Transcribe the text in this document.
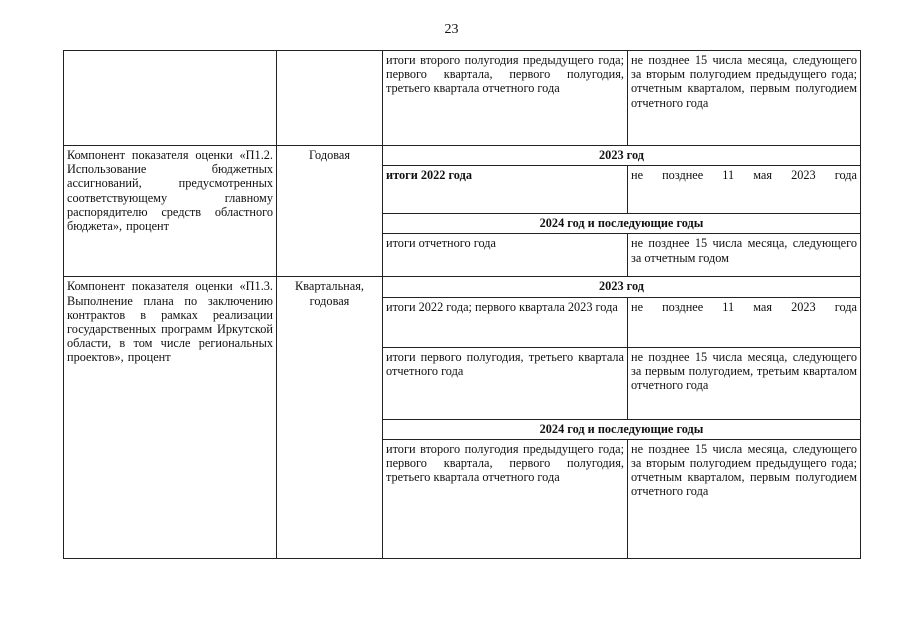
23
		итоги второго полугодия предыдущего года; первого квартала, первого полугодия, третьего квартала отчетного года	не позднее 15 числа месяца, следующего за вторым полугодием предыдущего года; отчетным кварталом, первым полугодием отчетного года
Компонент показателя оценки «П1.2. Использование бюджетных ассигнований, предусмотренных соответствующему главному распорядителю средств областного бюджета», процент	Годовая	2023 год	
		итоги 2022 года	не позднее 11 мая 2023 года
		2024 год и последующие годы	
		итоги отчетного года	не позднее 15 числа месяца, следующего за отчетным годом
Компонент показателя оценки «П1.3. Выполнение плана по заключению контрактов в рамках реализации государственных программ Иркутской области, в том числе региональных проектов», процент	Квартальная, годовая	2023 год	
		итоги 2022 года; первого квартала 2023 года	не позднее 11 мая 2023 года
		итоги первого полугодия, третьего квартала отчетного года	не позднее 15 числа месяца, следующего за первым полугодием, третьим кварталом отчетного года
		2024 год и последующие годы	
		итоги второго полугодия предыдущего года; первого квартала, первого полугодия, третьего квартала отчетного года	не позднее 15 числа месяца, следующего за вторым полугодием предыдущего года; отчетным кварталом, первым полугодием отчетного года
